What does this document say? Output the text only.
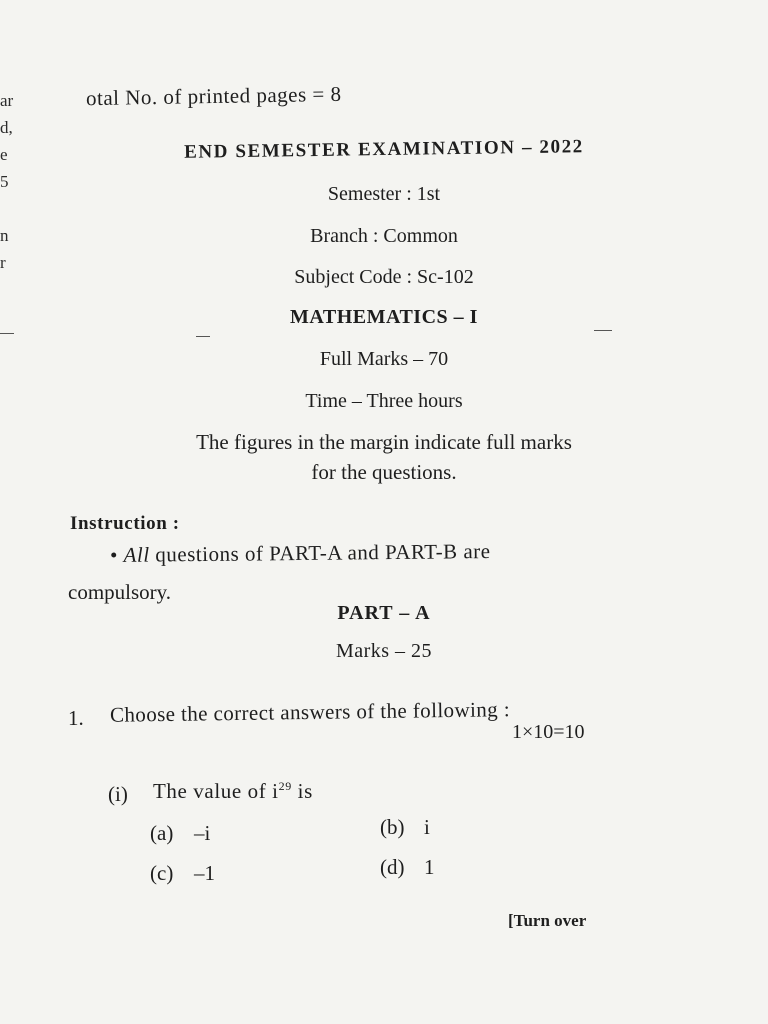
ar
d,
e
5
n
r
otal No. of printed pages = 8
END SEMESTER EXAMINATION – 2022
Semester : 1st
Branch : Common
Subject Code : Sc-102
MATHEMATICS – I
Full Marks – 70
Time – Three hours
The figures in the margin indicate full marks
for the questions.
Instruction :
• All questions of PART-A and PART-B are
compulsory.
PART – A
Marks – 25
1. Choose the correct answers of the following :
1×10=10
(i) The value of $i^{29}$ is
(a) –i	(b) i
(c) –1	(d) 1
[Turn over
